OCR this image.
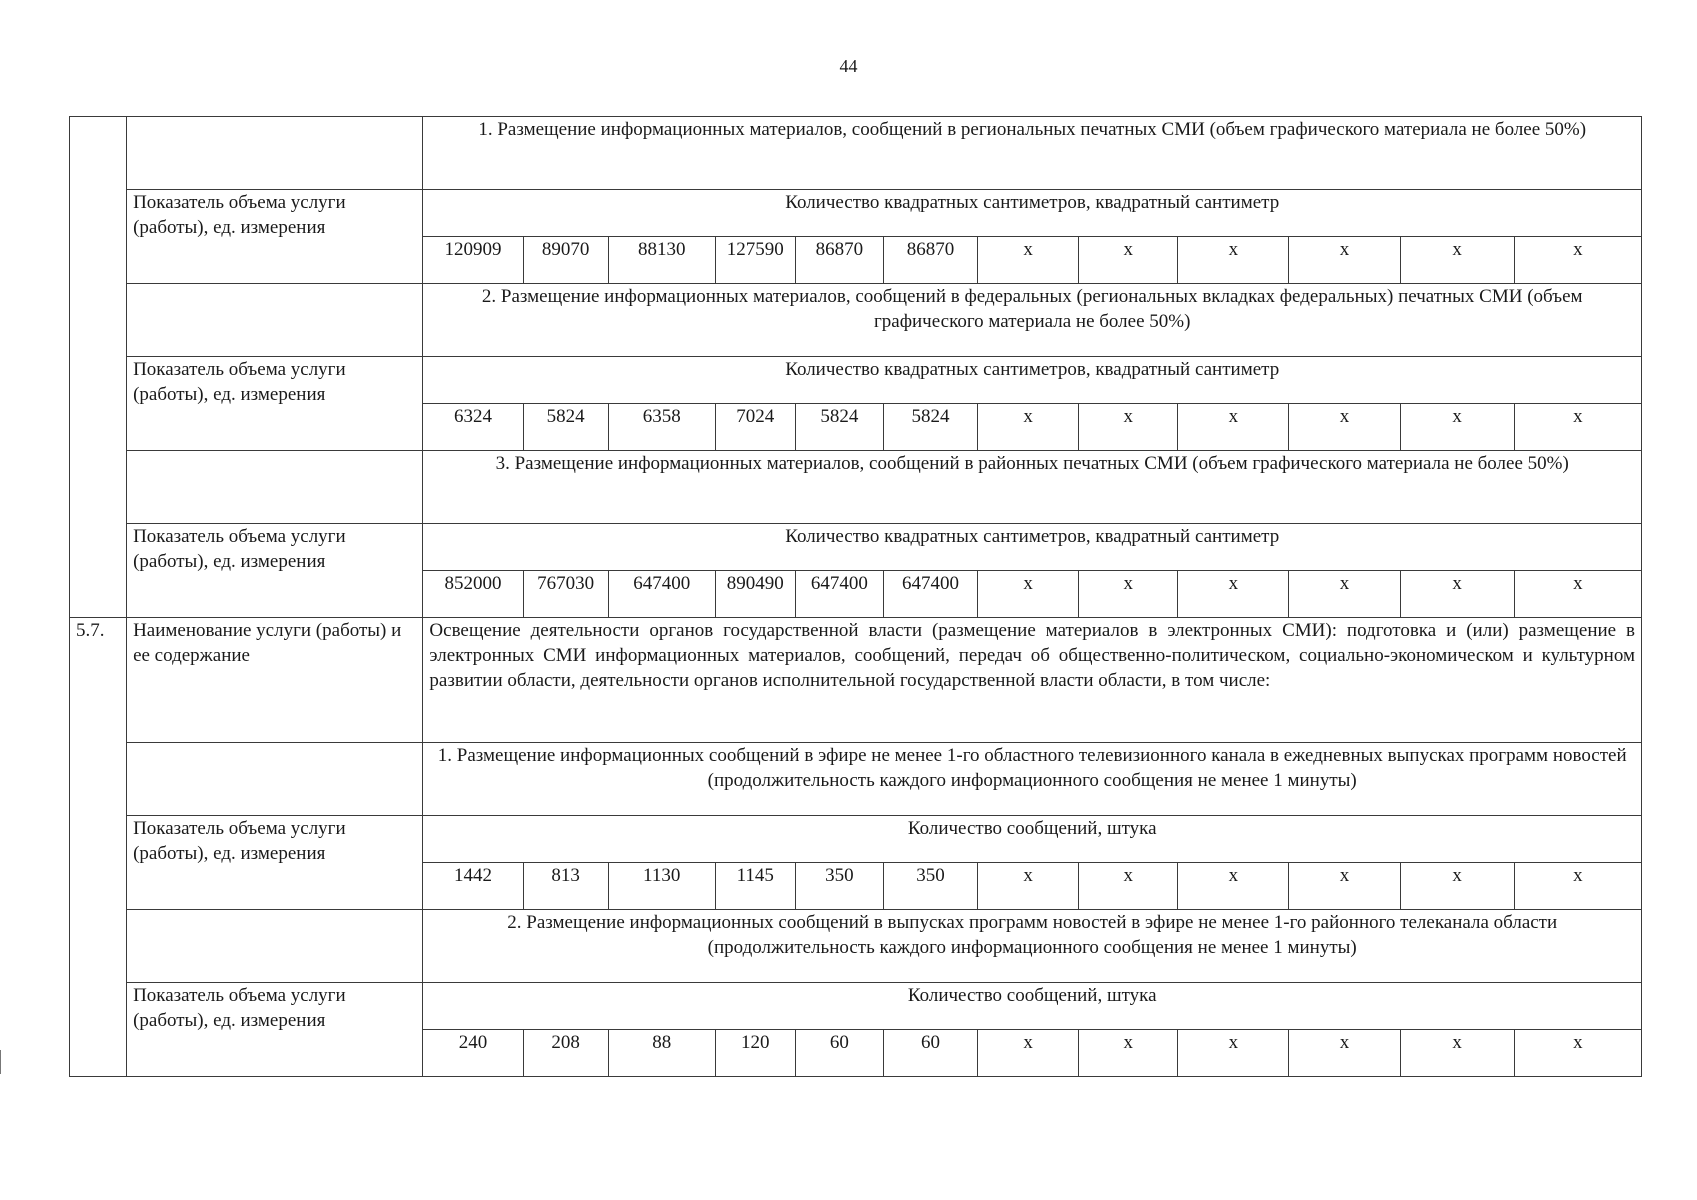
44
		1. Размещение информационных материалов, сообщений в региональных печатных СМИ (объем графического материала не более 50%)											
	Показатель объема услуги (работы), ед. измерения	Количество квадратных сантиметров, квадратный сантиметр											
		120909	89070	88130	127590	86870	86870	x	x	x	x	x	x
		2. Размещение информационных материалов, сообщений в федеральных (региональных вкладках федеральных) печатных СМИ (объем графического материала не более 50%)											
	Показатель объема услуги (работы), ед. измерения	Количество квадратных сантиметров, квадратный сантиметр											
		6324	5824	6358	7024	5824	5824	x	x	x	x	x	x
		3. Размещение информационных материалов, сообщений в районных печатных СМИ (объем графического материала не более 50%)											
	Показатель объема услуги (работы), ед. измерения	Количество квадратных сантиметров, квадратный сантиметр											
		852000	767030	647400	890490	647400	647400	x	x	x	x	x	x
5.7.	Наименование услуги (работы) и ее содержание	Освещение деятельности органов государственной власти (размещение материалов в электронных СМИ): подготовка и (или) размещение в электронных СМИ информационных материалов, сообщений, передач об общественно-политическом, социально-экономическом и культурном развитии области, деятельности органов исполнительной государственной власти области, в том числе:											
		1. Размещение информационных сообщений в эфире не менее 1-го областного телевизионного канала в ежедневных выпусках программ новостей (продолжительность каждого информационного сообщения не менее 1 минуты)											
	Показатель объема услуги (работы), ед. измерения	Количество сообщений, штука											
		1442	813	1130	1145	350	350	x	x	x	x	x	x
		2. Размещение информационных сообщений в выпусках программ новостей в эфире не менее 1-го районного телеканала области (продолжительность каждого информационного сообщения не менее 1 минуты)											
	Показатель объема услуги (работы), ед. измерения	Количество сообщений, штука											
		240	208	88	120	60	60	x	x	x	x	x	x
